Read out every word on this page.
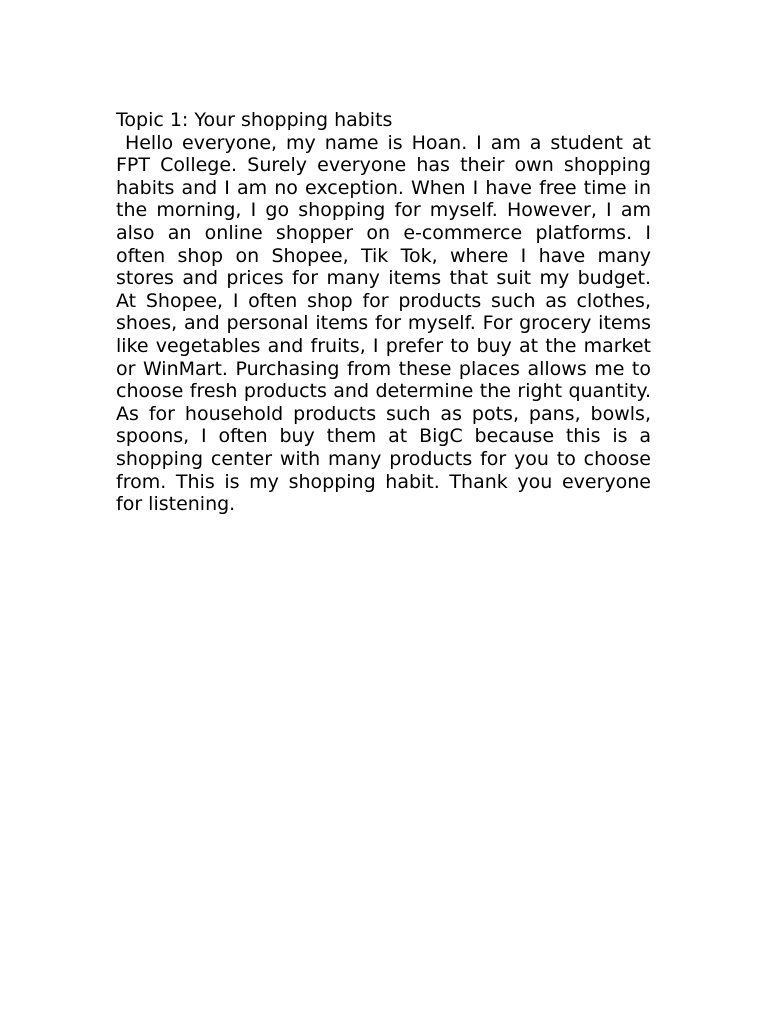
Topic 1: Your shopping habits

Hello everyone, my name is Hoan. I am a student at FPT College. Surely everyone has their own shopping habits and I am no exception. When I have free time in the morning, I go shopping for myself. However, I am also an online shopper on e-commerce platforms. I often shop on Shopee, Tik Tok, where I have many stores and prices for many items that suit my budget. At Shopee, I often shop for products such as clothes, shoes, and personal items for myself. For grocery items like vegetables and fruits, I prefer to buy at the market or WinMart. Purchasing from these places allows me to choose fresh products and determine the right quantity. As for household products such as pots, pans, bowls, spoons, I often buy them at BigC because this is a shopping center with many products for you to choose from. This is my shopping habit. Thank you everyone for listening.
